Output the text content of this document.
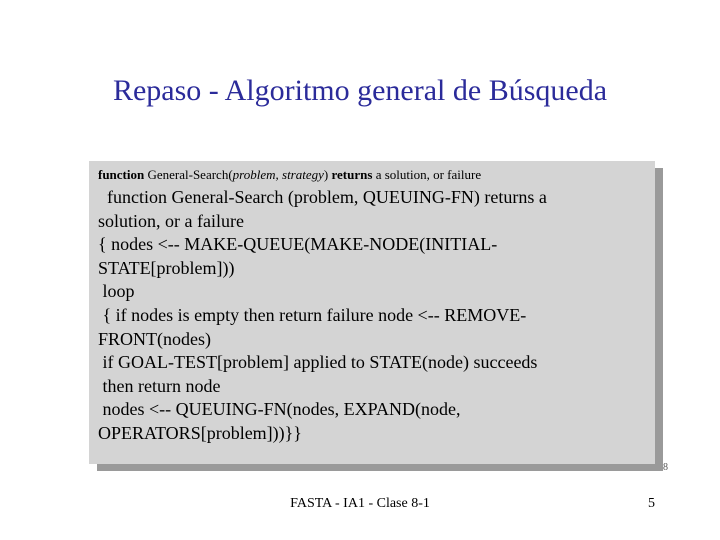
Repaso - Algoritmo general de Búsqueda
function General-Search(problem, strategy) returns a solution, or failure
function General-Search (problem, QUEUING-FN) returns a
solution, or a failure
{ nodes <-- MAKE-QUEUE(MAKE-NODE(INITIAL-
STATE[problem]))
loop
{ if nodes is empty then return failure node <-- REMOVE-
FRONT(nodes)
if GOAL-TEST[problem] applied to STATE(node) succeeds
then return node
nodes <-- QUEUING-FN(nodes, EXPAND(node,
OPERATORS[problem]))}}
8
FASTA - IA1 - Clase 8-1	5
